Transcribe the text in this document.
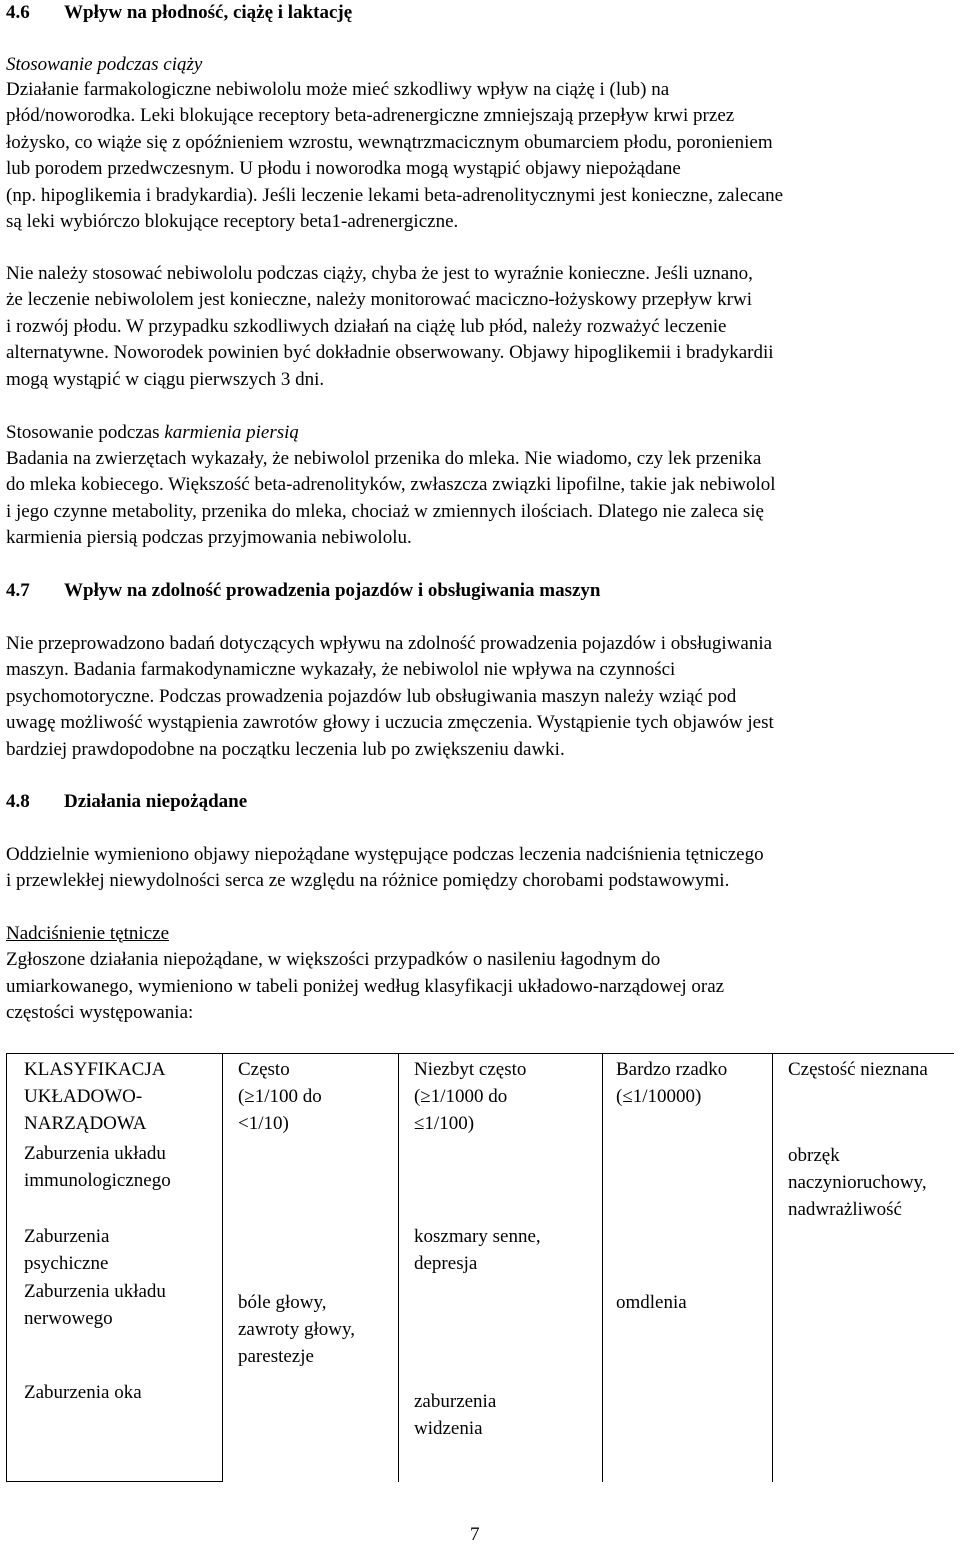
4.6 Wpływ na płodność, ciążę i laktację
Stosowanie podczas ciąży
Działanie farmakologiczne nebiwololu może mieć szkodliwy wpływ na ciążę i (lub) na
płód/noworodka. Leki blokujące receptory beta-adrenergiczne zmniejszają przepływ krwi przez
łożysko, co wiąże się z opóźnieniem wzrostu, wewnątrzmacicznym obumarciem płodu, poronieniem
lub porodem przedwczesnym. U płodu i noworodka mogą wystąpić objawy niepożądane
(np. hipoglikemia i bradykardia). Jeśli leczenie lekami beta-adrenolitycznymi jest konieczne, zalecane
są leki wybiórczo blokujące receptory beta1-adrenergiczne.
Nie należy stosować nebiwololu podczas ciąży, chyba że jest to wyraźnie konieczne. Jeśli uznano,
że leczenie nebiwololem jest konieczne, należy monitorować maciczno-łożyskowy przepływ krwi
i rozwój płodu. W przypadku szkodliwych działań na ciążę lub płód, należy rozważyć leczenie
alternatywne. Noworodek powinien być dokładnie obserwowany. Objawy hipoglikemii i bradykardii
mogą wystąpić w ciągu pierwszych 3 dni.
Stosowanie podczas karmienia piersią
Badania na zwierzętach wykazały, że nebiwolol przenika do mleka. Nie wiadomo, czy lek przenika
do mleka kobiecego. Większość beta-adrenolityków, zwłaszcza związki lipofilne, takie jak nebiwolol
i jego czynne metabolity, przenika do mleka, chociaż w zmiennych ilościach. Dlatego nie zaleca się
karmienia piersią podczas przyjmowania nebiwololu.
4.7 Wpływ na zdolność prowadzenia pojazdów i obsługiwania maszyn
Nie przeprowadzono badań dotyczących wpływu na zdolność prowadzenia pojazdów i obsługiwania
maszyn. Badania farmakodynamiczne wykazały, że nebiwolol nie wpływa na czynności
psychomotoryczne. Podczas prowadzenia pojazdów lub obsługiwania maszyn należy wziąć pod
uwagę możliwość wystąpienia zawrotów głowy i uczucia zmęczenia. Wystąpienie tych objawów jest
bardziej prawdopodobne na początku leczenia lub po zwiększeniu dawki.
4.8 Działania niepożądane
Oddzielnie wymieniono objawy niepożądane występujące podczas leczenia nadciśnienia tętniczego
i przewlekłej niewydolności serca ze względu na różnice pomiędzy chorobami podstawowymi.
Nadciśnienie tętnicze
Zgłoszone działania niepożądane, w większości przypadków o nasileniu łagodnym do
umiarkowanego, wymieniono w tabeli poniżej według klasyfikacji układowo-narządowej oraz
częstości występowania:
KLASYFIKACJA
UKŁADOWO-
NARZĄDOWA
Często
(≥1/100 do
<1/10)
Niezbyt często
(≥1/1000 do
≤1/100)
Bardzo rzadko
(≤1/10000)
Częstość nieznana
Zaburzenia układu
immunologicznego
obrzęk
naczynioruchowy,
nadwrażliwość
Zaburzenia
psychiczne
koszmary senne,
depresja
Zaburzenia układu
nerwowego
bóle głowy,
zawroty głowy,
parestezje
omdlenia
Zaburzenia oka	zaburzenia
widzenia
7
